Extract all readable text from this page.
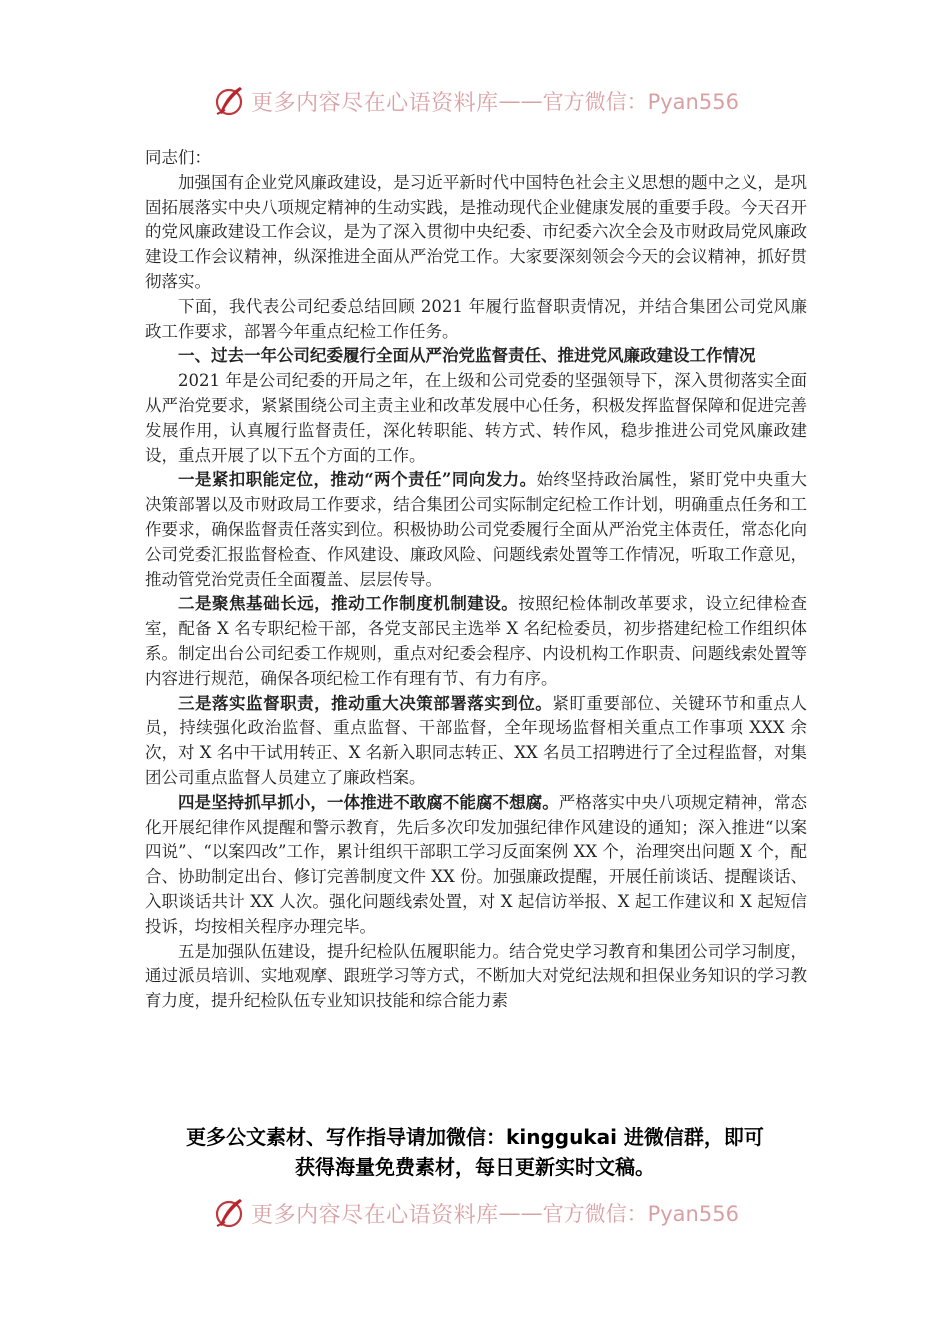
更多内容尽在心语资料库 —— 官方微信：Pyan556

同志们：

加强国有企业党风廉政建设，是习近平新时代中国特色社会主义思想的题中之义，是巩固拓展落实中央八项规定精神的生动实践，是推动现代企业健康发展的重要手段。今天召开的党风廉政建设工作会议，是为了深入贯彻中央纪委、市纪委六次全会及市财政局党风廉政建设工作会议精神，纵深推进全面从严治党工作。大家要深刻领会今天的会议精神，抓好贯彻落实。

下面，我代表公司纪委总结回顾 2021 年履行监督职责情况，并结合集团公司党风廉政工作要求，部署今年重点纪检工作任务。

一、过去一年公司纪委履行全面从严治党监督责任、推进党风廉政建设工作情况

2021 年是公司纪委的开局之年，在上级和公司党委的坚强领导下，深入贯彻落实全面从严治党要求，紧紧围绕公司主责主业和改革发展中心任务，积极发挥监督保障和促进完善发展作用，认真履行监督责任，深化转职能、转方式、转作风，稳步推进公司党风廉政建设，重点开展了以下五个方面的工作。

一是紧扣职能定位，推动“两个责任”同向发力。始终坚持政治属性，紧盯党中央重大决策部署以及市财政局工作要求，结合集团公司实际制定纪检工作计划，明确重点任务和工作要求，确保监督责任落实到位。积极协助公司党委履行全面从严治党主体责任，常态化向公司党委汇报监督检查、作风建设、廉政风险、问题线索处置等工作情况，听取工作意见，推动管党治党责任全面覆盖、层层传导。

二是聚焦基础长远，推动工作制度机制建设。按照纪检体制改革要求，设立纪律检查室，配备 X 名专职纪检干部，各党支部民主选举 X 名纪检委员，初步搭建纪检工作组织体系。制定出台公司纪委工作规则，重点对纪委会程序、内设机构工作职责、问题线索处置等内容进行规范，确保各项纪检工作有理有节、有力有序。

三是落实监督职责，推动重大决策部署落实到位。紧盯重要部位、关键环节和重点人员，持续强化政治监督、重点监督、干部监督，全年现场监督相关重点工作事项 XXX 余次，对 X 名中干试用转正、X 名新入职同志转正、XX 名员工招聘进行了全过程监督，对集团公司重点监督人员建立了廉政档案。

四是坚持抓早抓小，一体推进不敢腐不能腐不想腐。严格落实中央八项规定精神，常态化开展纪律作风提醒和警示教育，先后多次印发加强纪律作风建设的通知；深入推进“以案四说”、“以案四改”工作，累计组织干部职工学习反面案例 XX 个，治理突出问题 X 个，配合、协助制定出台、修订完善制度文件 XX 份。加强廉政提醒，开展任前谈话、提醒谈话、入职谈话共计 XX 人次。强化问题线索处置，对 X 起信访举报、X 起工作建议和 X 起短信投诉，均按相关程序办理完毕。

五是加强队伍建设，提升纪检队伍履职能力。结合党史学习教育和集团公司学习制度，通过派员培训、实地观摩、跟班学习等方式，不断加大对党纪法规和担保业务知识的学习教育力度，提升纪检队伍专业知识技能和综合能力素

更多公文素材、写作指导请加微信：kinggukai 进微信群，即可
获得海量免费素材，每日更新实时文稿。
更多内容尽在心语资料库 —— 官方微信：Pyan556
